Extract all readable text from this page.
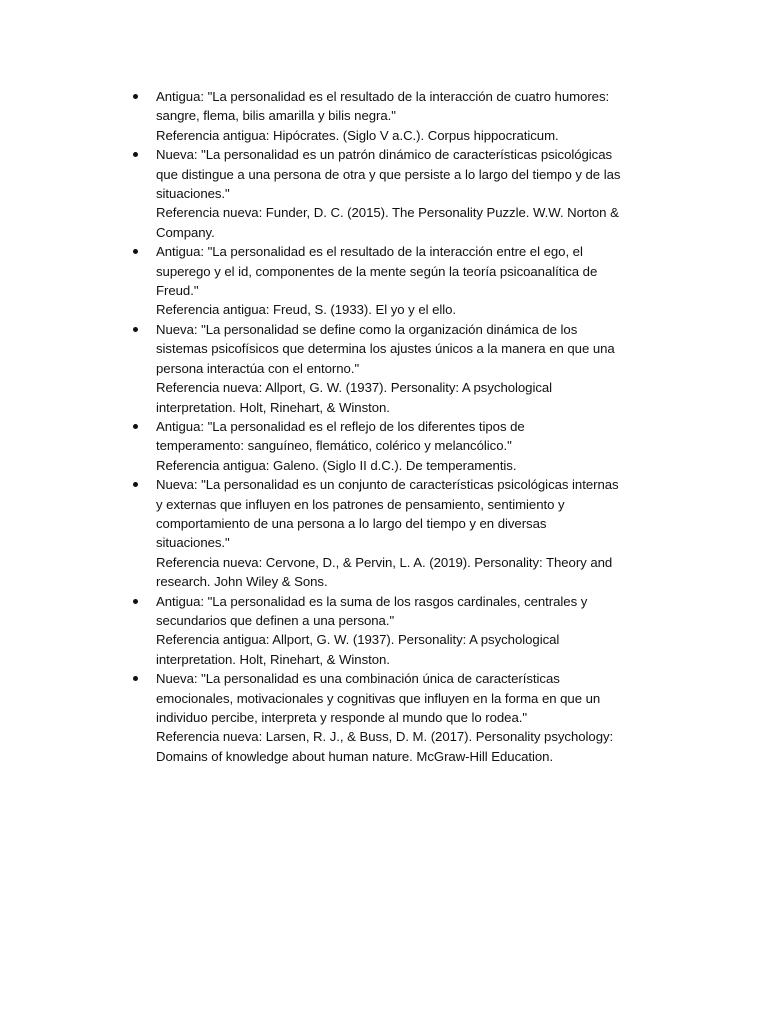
Antigua: "La personalidad es el resultado de la interacción de cuatro humores:
sangre, flema, bilis amarilla y bilis negra."
Referencia antigua: Hipócrates. (Siglo V a.C.). Corpus hippocraticum.
Nueva: "La personalidad es un patrón dinámico de características psicológicas
que distingue a una persona de otra y que persiste a lo largo del tiempo y de las
situaciones."
Referencia nueva: Funder, D. C. (2015). The Personality Puzzle. W.W. Norton &
Company.
Antigua: "La personalidad es el resultado de la interacción entre el ego, el
superego y el id, componentes de la mente según la teoría psicoanalítica de
Freud."
Referencia antigua: Freud, S. (1933). El yo y el ello.
Nueva: "La personalidad se define como la organización dinámica de los
sistemas psicofísicos que determina los ajustes únicos a la manera en que una
persona interactúa con el entorno."
Referencia nueva: Allport, G. W. (1937). Personality: A psychological
interpretation. Holt, Rinehart, & Winston.
Antigua: "La personalidad es el reflejo de los diferentes tipos de
temperamento: sanguíneo, flemático, colérico y melancólico."
Referencia antigua: Galeno. (Siglo II d.C.). De temperamentis.
Nueva: "La personalidad es un conjunto de características psicológicas internas
y externas que influyen en los patrones de pensamiento, sentimiento y
comportamiento de una persona a lo largo del tiempo y en diversas
situaciones."
Referencia nueva: Cervone, D., & Pervin, L. A. (2019). Personality: Theory and
research. John Wiley & Sons.
Antigua: "La personalidad es la suma de los rasgos cardinales, centrales y
secundarios que definen a una persona."
Referencia antigua: Allport, G. W. (1937). Personality: A psychological
interpretation. Holt, Rinehart, & Winston.
Nueva: "La personalidad es una combinación única de características
emocionales, motivacionales y cognitivas que influyen en la forma en que un
individuo percibe, interpreta y responde al mundo que lo rodea."
Referencia nueva: Larsen, R. J., & Buss, D. M. (2017). Personality psychology:
Domains of knowledge about human nature. McGraw-Hill Education.
